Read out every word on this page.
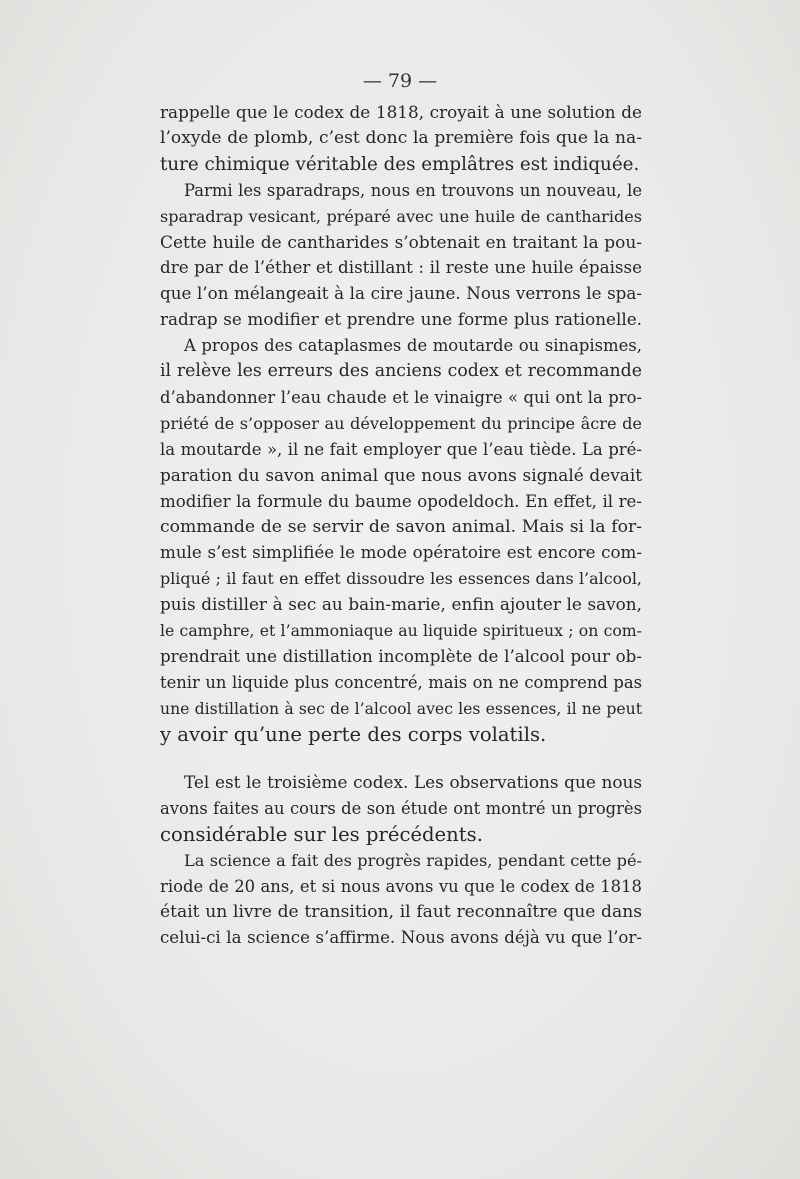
— 79 —
rappelle que le codex de 1818, croyait à une solution de
l’oxyde de plomb, c’est donc la première fois que la na-
ture chimique véritable des emplâtres est indiquée.
Parmi les sparadraps, nous en trouvons un nouveau, le
sparadrap vesicant, préparé avec une huile de cantharides
Cette huile de cantharides s’obtenait en traitant la pou-
dre par de l’éther et distillant : il reste une huile épaisse
que l’on mélangeait à la cire jaune. Nous verrons le spa-
radrap se modifier et prendre une forme plus rationelle.
A propos des cataplasmes de moutarde ou sinapismes,
il relève les erreurs des anciens codex et recommande
d’abandonner l’eau chaude et le vinaigre « qui ont la pro-
priété de s’opposer au développement du principe âcre de
la moutarde », il ne fait employer que l’eau tiède. La pré-
paration du savon animal que nous avons signalé devait
modifier la formule du baume opodeldoch. En effet, il re-
commande de se servir de savon animal. Mais si la for-
mule s’est simplifiée le mode opératoire est encore com-
pliqué ; il faut en effet dissoudre les essences dans l’alcool,
puis distiller à sec au bain-marie, enfin ajouter le savon,
le camphre, et l’ammoniaque au liquide spiritueux ; on com-
prendrait une distillation incomplète de l’alcool pour ob-
tenir un liquide plus concentré, mais on ne comprend pas
une distillation à sec de l’alcool avec les essences, il ne peut
y avoir qu’une perte des corps volatils.
Tel est le troisième codex. Les observations que nous
avons faites au cours de son étude ont montré un progrès
considérable sur les précédents.
La science a fait des progrès rapides, pendant cette pé-
riode de 20 ans, et si nous avons vu que le codex de 1818
était un livre de transition, il faut reconnaître que dans
celui-ci la science s’affirme. Nous avons déjà vu que l’or-
